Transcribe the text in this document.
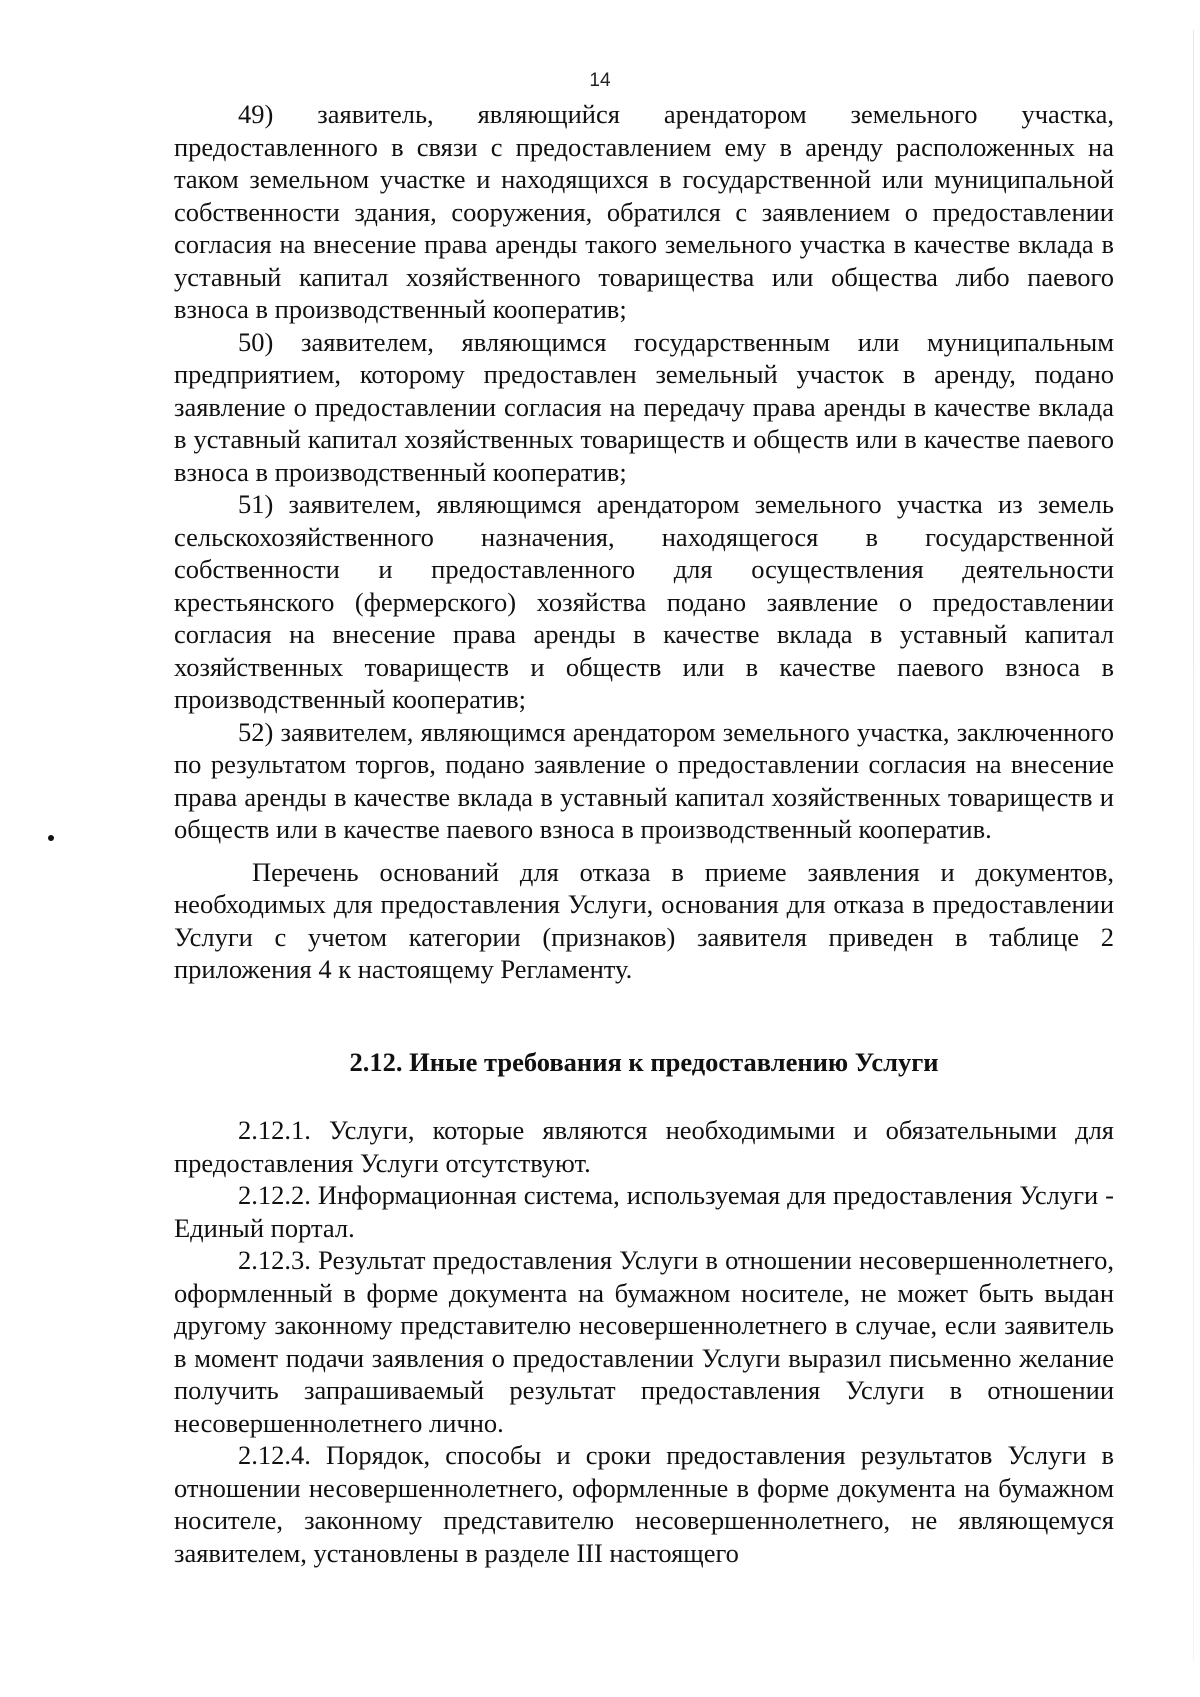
14

49) заявитель, являющийся арендатором земельного участка, предоставленного в связи с предоставлением ему в аренду расположенных на таком земельном участке и находящихся в государственной или муниципальной собственности здания, сооружения, обратился с заявлением о предоставлении согласия на внесение права аренды такого земельного участка в качестве вклада в уставный капитал хозяйственного товарищества или общества либо паевого взноса в производственный кооператив;

50) заявителем, являющимся государственным или муниципальным предприятием, которому предоставлен земельный участок в аренду, подано заявление о предоставлении согласия на передачу права аренды в качестве вклада в уставный капитал хозяйственных товариществ и обществ или в качестве паевого взноса в производственный кооператив;

51) заявителем, являющимся арендатором земельного участка из земель сельскохозяйственного назначения, находящегося в государственной собственности и предоставленного для осуществления деятельности крестьянского (фермерского) хозяйства подано заявление о предоставлении согласия на внесение права аренды в качестве вклада в уставный капитал хозяйственных товариществ и обществ или в качестве паевого взноса в производственный кооператив;

52) заявителем, являющимся арендатором земельного участка, заключенного по результатом торгов, подано заявление о предоставлении согласия на внесение права аренды в качестве вклада в уставный капитал хозяйственных товариществ и обществ или в качестве паевого взноса в производственный кооператив.

Перечень оснований для отказа в приеме заявления и документов, необходимых для предоставления Услуги, основания для отказа в предоставлении Услуги с учетом категории (признаков) заявителя приведен в таблице 2 приложения 4 к настоящему Регламенту.

2.12. Иные требования к предоставлению Услуги

2.12.1. Услуги, которые являются необходимыми и обязательными для предоставления Услуги отсутствуют.

2.12.2. Информационная система, используемая для предоставления Услуги - Единый портал.

2.12.3. Результат предоставления Услуги в отношении несовершеннолетнего, оформленный в форме документа на бумажном носителе, не может быть выдан другому законному представителю несовершеннолетнего в случае, если заявитель в момент подачи заявления о предоставлении Услуги выразил письменно желание получить запрашиваемый результат предоставления Услуги в отношении несовершеннолетнего лично.

2.12.4. Порядок, способы и сроки предоставления результатов Услуги в отношении несовершеннолетнего, оформленные в форме документа на бумажном носителе, законному представителю несовершеннолетнего, не являющемуся заявителем, установлены в разделе III настоящего
